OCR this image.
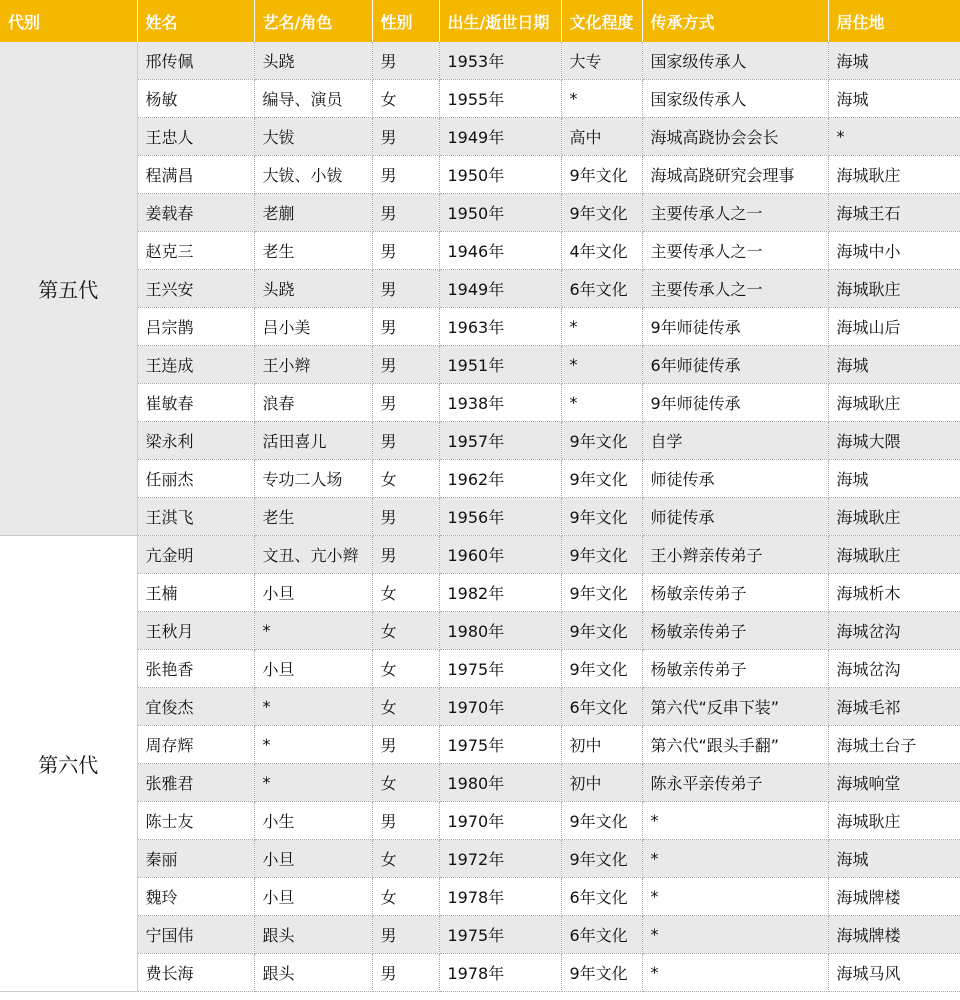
代别	姓名	艺名/角色	性别	出生/逝世日期	文化程度	传承方式	居住地
第五代	邢传佩	头跷	男	1953年	大专	国家级传承人	海城
	杨敏	编导、演员	女	1955年	*	国家级传承人	海城
	王忠人	大钹	男	1949年	高中	海城高跷协会会长	*
	程满昌	大钹、小钹	男	1950年	9年文化	海城高跷研究会理事	海城耿庄
	姜载春	老蒯	男	1950年	9年文化	主要传承人之一	海城王石
	赵克三	老生	男	1946年	4年文化	主要传承人之一	海城中小
	王兴安	头跷	男	1949年	6年文化	主要传承人之一	海城耿庄
	吕宗鹊	吕小美	男	1963年	*	9年师徒传承	海城山后
	王连成	王小辫	男	1951年	*	6年师徒传承	海城
	崔敏春	浪春	男	1938年	*	9年师徒传承	海城耿庄
	梁永利	活田喜儿	男	1957年	9年文化	自学	海城大隈
	任丽杰	专功二人场	女	1962年	9年文化	师徒传承	海城
	王淇飞	老生	男	1956年	9年文化	师徒传承	海城耿庄
第六代	亢金明	文丑、亢小辫	男	1960年	9年文化	王小辫亲传弟子	海城耿庄
	王楠	小旦	女	1982年	9年文化	杨敏亲传弟子	海城析木
	王秋月	*	女	1980年	9年文化	杨敏亲传弟子	海城岔沟
	张艳香	小旦	女	1975年	9年文化	杨敏亲传弟子	海城岔沟
	宜俊杰	*	女	1970年	6年文化	第六代“反串下装”	海城毛祁
	周存辉	*	男	1975年	初中	第六代“跟头手翻”	海城土台子
	张雅君	*	女	1980年	初中	陈永平亲传弟子	海城响堂
	陈士友	小生	男	1970年	9年文化	*	海城耿庄
	秦丽	小旦	女	1972年	9年文化	*	海城
	魏玲	小旦	女	1978年	6年文化	*	海城牌楼
	宁国伟	跟头	男	1975年	6年文化	*	海城牌楼
	费长海	跟头	男	1978年	9年文化	*	海城马风
